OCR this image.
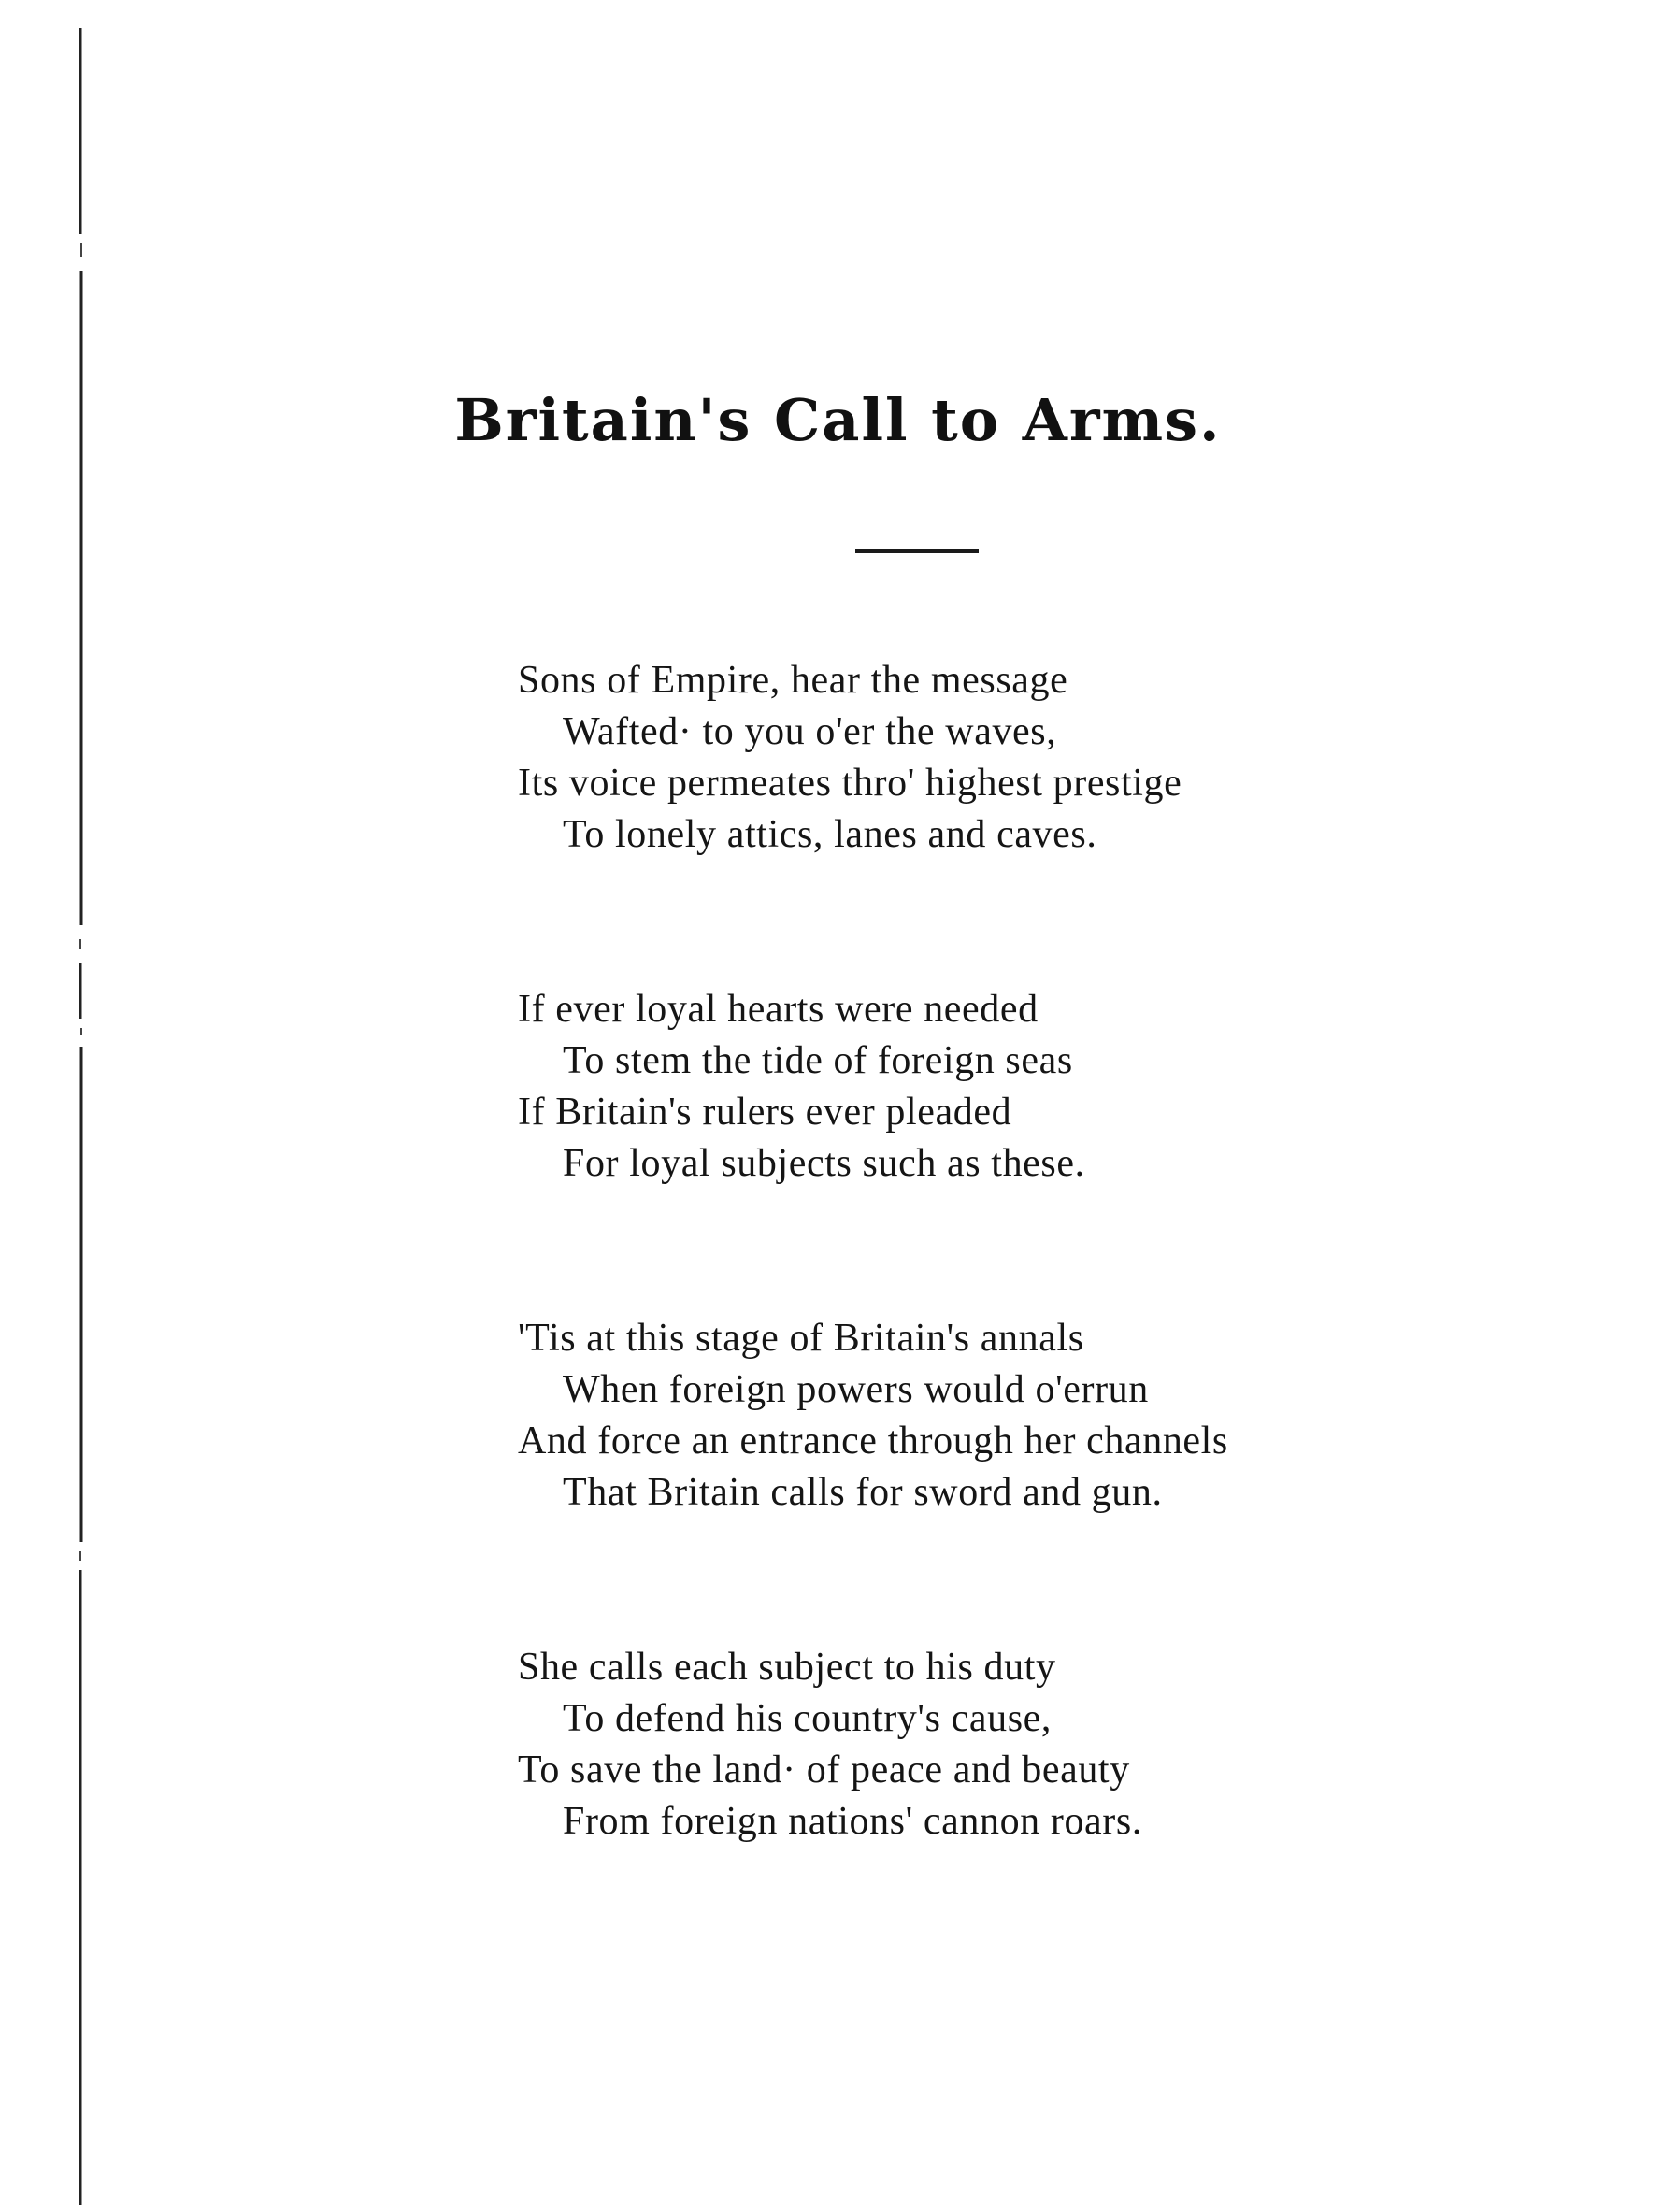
Britain's Call to Arms.
Sons of Empire, hear the message
Wafted· to you o'er the waves,
Its voice permeates thro' highest prestige
To lonely attics, lanes and caves.
If ever loyal hearts were needed
To stem the tide of foreign seas
If Britain's rulers ever pleaded
For loyal subjects such as these.
'Tis at this stage of Britain's annals
When foreign powers would o'errun
And force an entrance through her channels
That Britain calls for sword and gun.
She calls each subject to his duty
To defend his country's cause,
To save the land· of peace and beauty
From foreign nations' cannon roars.
